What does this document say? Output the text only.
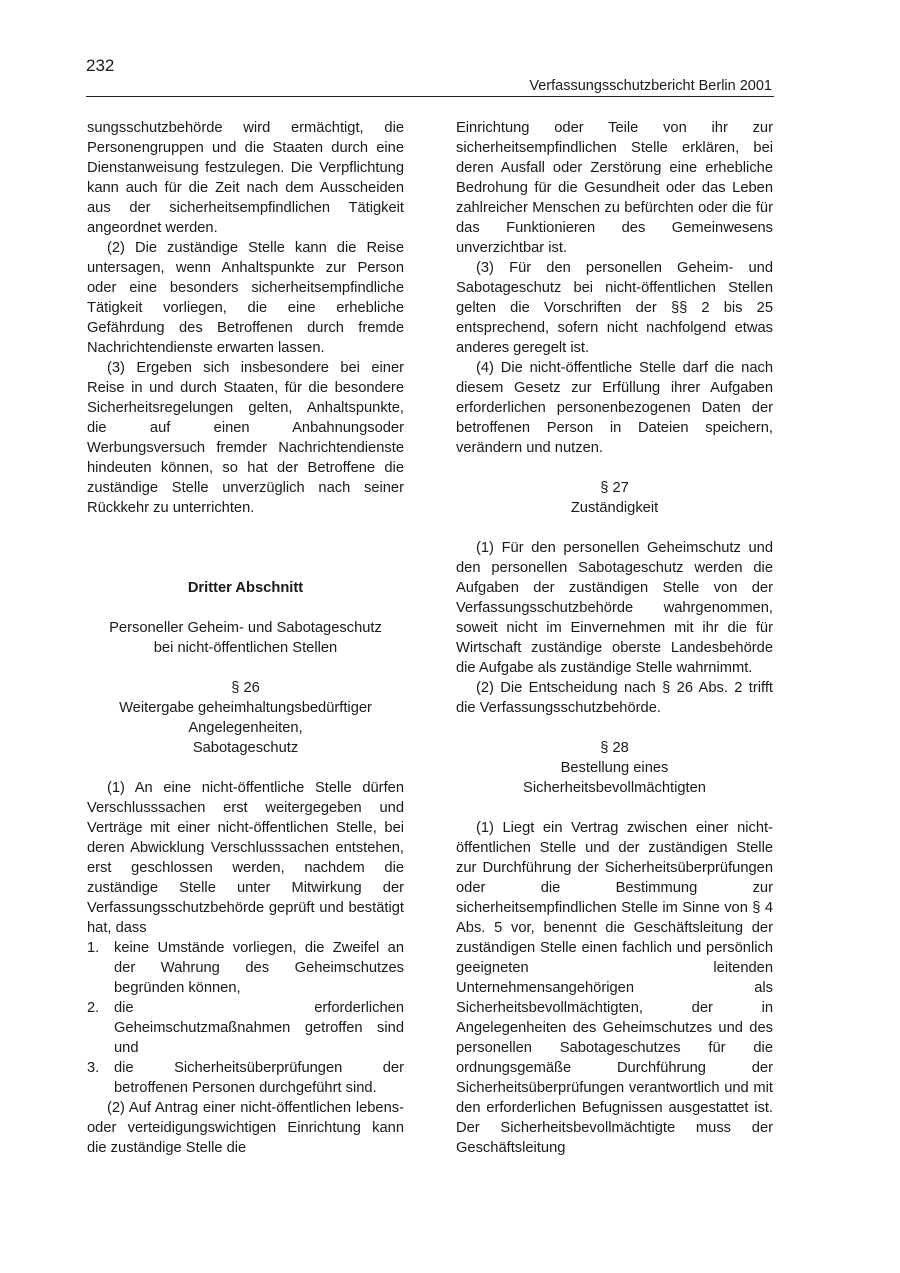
232
Verfassungsschutzbericht Berlin 2001

sungsschutzbehörde wird ermächtigt, die Personengruppen und die Staaten durch eine Dienstanweisung festzulegen. Die Verpflichtung kann auch für die Zeit nach dem Ausscheiden aus der sicherheitsempfindlichen Tätigkeit angeordnet werden.

(2) Die zuständige Stelle kann die Reise untersagen, wenn Anhaltspunkte zur Person oder eine besonders sicherheitsempfindliche Tätigkeit vorliegen, die eine erhebliche Gefährdung des Betroffenen durch fremde Nachrichtendienste erwarten lassen.

(3) Ergeben sich insbesondere bei einer Reise in und durch Staaten, für die besondere Sicherheitsregelungen gelten, Anhaltspunkte, die auf einen Anbahnungsoder Werbungsversuch fremder Nachrichtendienste hindeuten können, so hat der Betroffene die zuständige Stelle unverzüglich nach seiner Rückkehr zu unterrichten.

Dritter Abschnitt

Personeller Geheim- und Sabotageschutz

bei nicht-öffentlichen Stellen

§ 26

Weitergabe geheimhaltungsbedürftiger

Angelegenheiten,

Sabotageschutz

(1) An eine nicht-öffentliche Stelle dürfen Verschlusssachen erst weitergegeben und Verträge mit einer nicht-öffentlichen Stelle, bei deren Abwicklung Verschlusssachen entstehen, erst geschlossen werden, nachdem die zuständige Stelle unter Mitwirkung der Verfassungsschutzbehörde geprüft und bestätigt hat, dass

1.	keine Umstände vorliegen, die Zweifel an der Wahrung des Geheimschutzes begründen können,
2.	die erforderlichen Geheimschutzmaßnahmen getroffen sind und
3.	die Sicherheitsüberprüfungen der betroffenen Personen durchgeführt sind.

(2) Auf Antrag einer nicht-öffentlichen lebens- oder verteidigungswichtigen Einrichtung kann die zuständige Stelle die

Einrichtung oder Teile von ihr zur sicherheitsempfindlichen Stelle erklären, bei deren Ausfall oder Zerstörung eine erhebliche Bedrohung für die Gesundheit oder das Leben zahlreicher Menschen zu befürchten oder die für das Funktionieren des Gemeinwesens unverzichtbar ist.

(3) Für den personellen Geheim- und Sabotageschutz bei nicht-öffentlichen Stellen gelten die Vorschriften der §§ 2 bis 25 entsprechend, sofern nicht nachfolgend etwas anderes geregelt ist.

(4) Die nicht-öffentliche Stelle darf die nach diesem Gesetz zur Erfüllung ihrer Aufgaben erforderlichen personenbezogenen Daten der betroffenen Person in Dateien speichern, verändern und nutzen.

§ 27

Zuständigkeit

(1) Für den personellen Geheimschutz und den personellen Sabotageschutz werden die Aufgaben der zuständigen Stelle von der Verfassungsschutzbehörde wahrgenommen, soweit nicht im Einvernehmen mit ihr die für Wirtschaft zuständige oberste Landesbehörde die Aufgabe als zuständige Stelle wahrnimmt.

(2) Die Entscheidung nach § 26 Abs. 2 trifft die Verfassungsschutzbehörde.

§ 28

Bestellung eines

Sicherheitsbevollmächtigten

(1) Liegt ein Vertrag zwischen einer nicht-öffentlichen Stelle und der zuständigen Stelle zur Durchführung der Sicherheitsüberprüfungen oder die Bestimmung zur sicherheitsempfindlichen Stelle im Sinne von § 4 Abs. 5 vor, benennt die Geschäftsleitung der zuständigen Stelle einen fachlich und persönlich geeigneten leitenden Unternehmensangehörigen als Sicherheitsbevollmächtigten, der in Angelegenheiten des Geheimschutzes und des personellen Sabotageschutzes für die ordnungsgemäße Durchführung der Sicherheitsüberprüfungen verantwortlich und mit den erforderlichen Befugnissen ausgestattet ist. Der Sicherheitsbevollmächtigte muss der Geschäftsleitung
